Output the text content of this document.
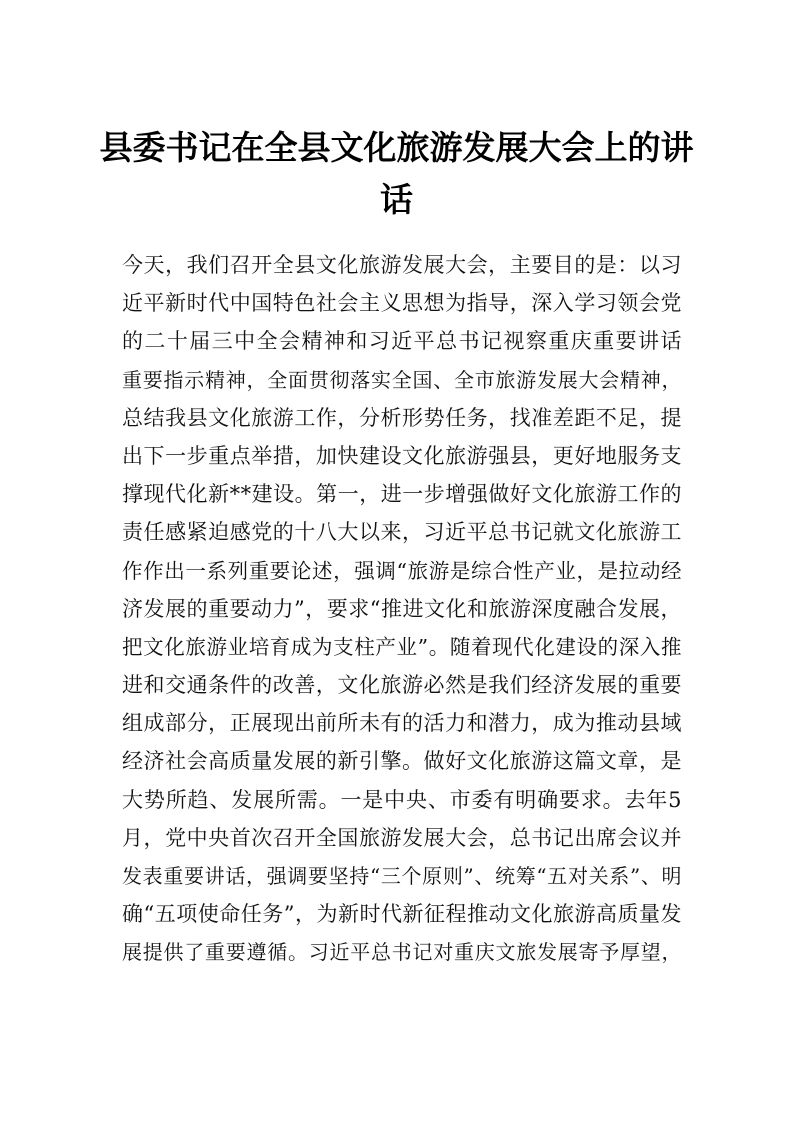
县委书记在全县文化旅游发展大会上的讲
话
今天，我们召开全县文化旅游发展大会，主要目的是：以习
近平新时代中国特色社会主义思想为指导，深入学习领会党
的二十届三中全会精神和习近平总书记视察重庆重要讲话
重要指示精神，全面贯彻落实全国、全市旅游发展大会精神，
总结我县文化旅游工作，分析形势任务，找准差距不足，提
出下一步重点举措，加快建设文化旅游强县，更好地服务支
撑现代化新**建设。第一，进一步增强做好文化旅游工作的
责任感紧迫感党的十八大以来，习近平总书记就文化旅游工
作作出一系列重要论述，强调“旅游是综合性产业，是拉动经
济发展的重要动力”，要求“推进文化和旅游深度融合发展，
把文化旅游业培育成为支柱产业”。随着现代化建设的深入推
进和交通条件的改善，文化旅游必然是我们经济发展的重要
组成部分，正展现出前所未有的活力和潜力，成为推动县域
经济社会高质量发展的新引擎。做好文化旅游这篇文章，是
大势所趋、发展所需。一是中央、市委有明确要求。去年5
月，党中央首次召开全国旅游发展大会，总书记出席会议并
发表重要讲话，强调要坚持“三个原则”、统筹“五对关系”、明
确“五项使命任务”，为新时代新征程推动文化旅游高质量发
展提供了重要遵循。习近平总书记对重庆文旅发展寄予厚望，
